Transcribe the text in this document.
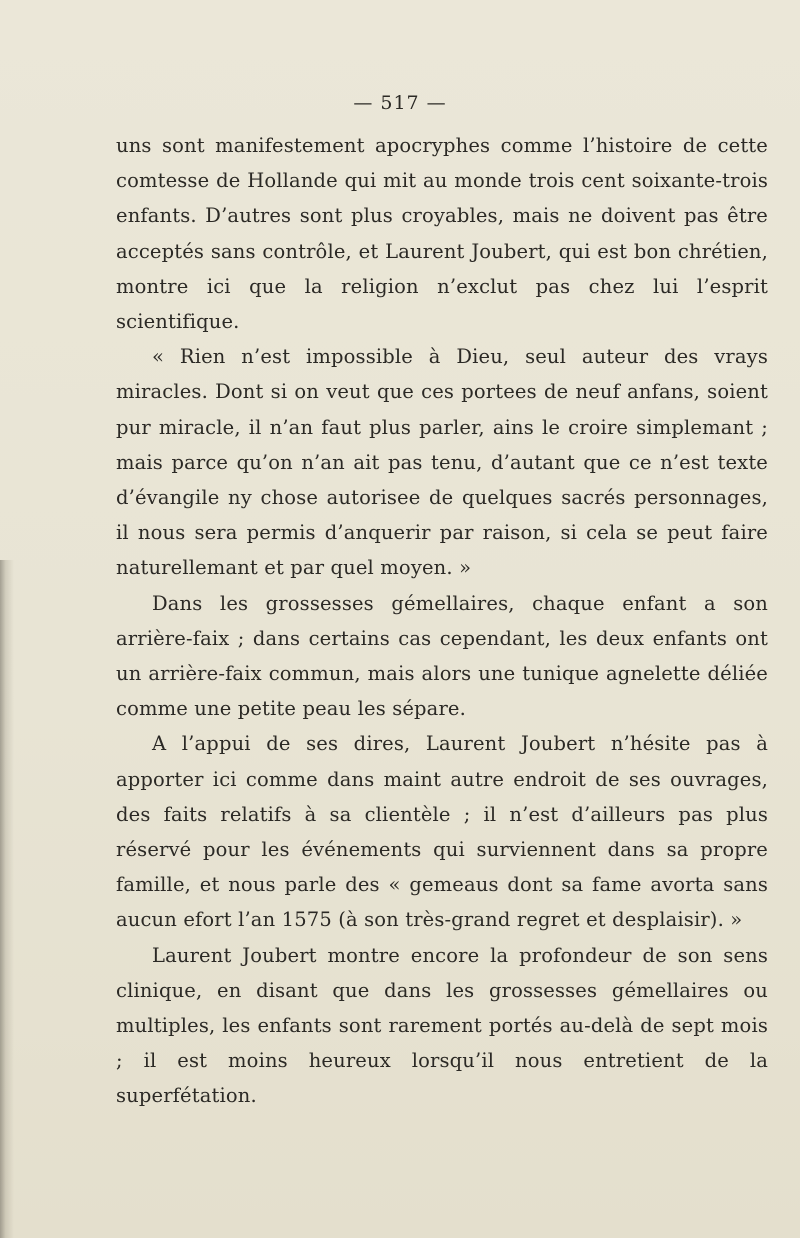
— 517 —

uns sont manifestement apocryphes comme l’histoire de cette comtesse de Hollande qui mit au monde trois cent soixante-trois enfants. D’autres sont plus croyables, mais ne doivent pas être acceptés sans contrôle, et Laurent Joubert, qui est bon chrétien, montre ici que la religion n’exclut pas chez lui l’esprit scientifique.

« Rien n’est impossible à Dieu, seul auteur des vrays miracles. Dont si on veut que ces portees de neuf anfans, soient pur miracle, il n’an faut plus parler, ains le croire simplemant ; mais parce qu’on n’an ait pas tenu, d’autant que ce n’est texte d’évangile ny chose autorisee de quelques sacrés personnages, il nous sera permis d’anquerir par raison, si cela se peut faire naturellemant et par quel moyen. »

Dans les grossesses gémellaires, chaque enfant a son arrière-faix ; dans certains cas cependant, les deux enfants ont un arrière-faix commun, mais alors une tunique agnelette déliée comme une petite peau les sépare.

A l’appui de ses dires, Laurent Joubert n’hésite pas à apporter ici comme dans maint autre endroit de ses ouvrages, des faits relatifs à sa clientèle ; il n’est d’ailleurs pas plus réservé pour les événements qui surviennent dans sa propre famille, et nous parle des « gemeaus dont sa fame avorta sans aucun efort l’an 1575 (à son très-grand regret et desplaisir). »

Laurent Joubert montre encore la profondeur de son sens clinique, en disant que dans les grossesses gémellaires ou multiples, les enfants sont rarement portés au-delà de sept mois ; il est moins heureux lorsqu’il nous entretient de la superfétation.
